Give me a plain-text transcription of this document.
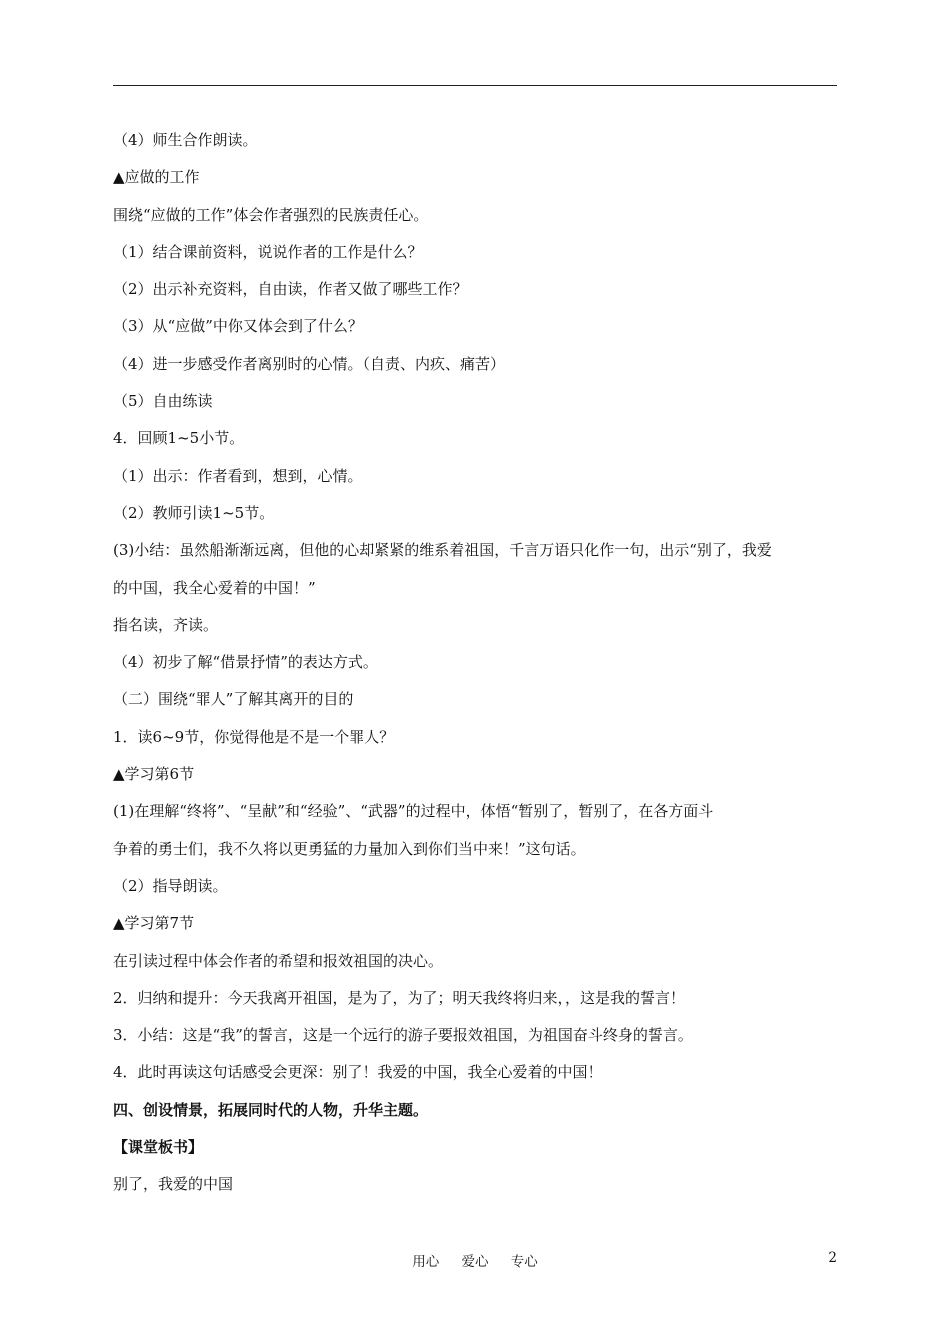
（4）师生合作朗读。
▲应做的工作
围绕“应做的工作”体会作者强烈的民族责任心。
（1）结合课前资料，说说作者的工作是什么？
（2）出示补充资料，自由读，作者又做了哪些工作？
（3）从“应做”中你又体会到了什么？
（4）进一步感受作者离别时的心情。（自责、内疚、痛苦）
（5）自由练读
4．回顾1~5小节。
（1）出示：作者看到，想到，心情。
（2）教师引读1~5节。
(3)小结：虽然船渐渐远离，但他的心却紧紧的维系着祖国，千言万语只化作一句，出示“别了，我爱
的中国，我全心爱着的中国！”
指名读，齐读。
（4）初步了解“借景抒情”的表达方式。
（二）围绕“罪人”了解其离开的目的
1．读6~9节，你觉得他是不是一个罪人？
▲学习第6节
(1)在理解“终将”、“呈献”和“经验”、“武器”的过程中，体悟“暂别了，暂别了，在各方面斗
争着的勇士们，我不久将以更勇猛的力量加入到你们当中来！”这句话。
（2）指导朗读。
▲学习第7节
在引读过程中体会作者的希望和报效祖国的决心。
2．归纳和提升：今天我离开祖国，是为了，为了；明天我终将归来，，这是我的誓言！
3．小结：这是“我”的誓言，这是一个远行的游子要报效祖国，为祖国奋斗终身的誓言。
4．此时再读这句话感受会更深：别了！我爱的中国，我全心爱着的中国！
四、创设情景，拓展同时代的人物，升华主题。
【课堂板书】
别了，我爱的中国
用心 爱心 专心	2
